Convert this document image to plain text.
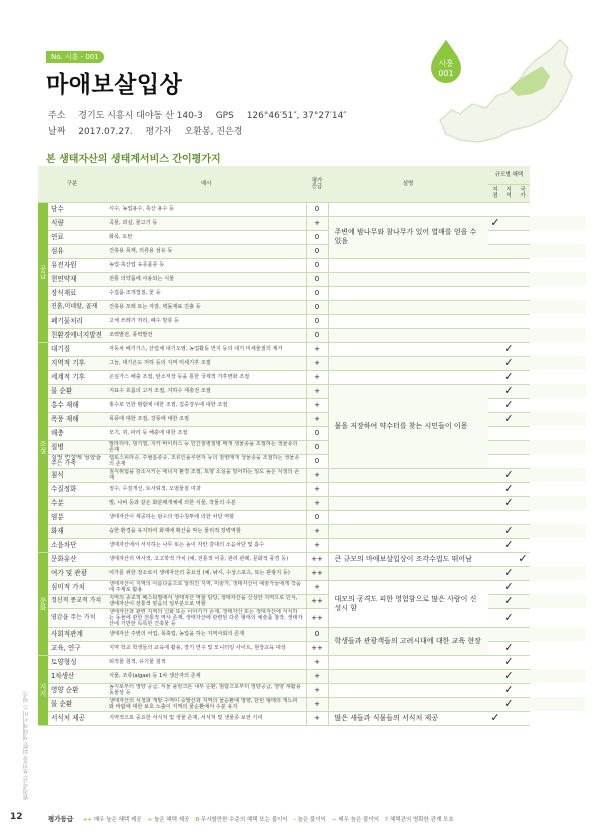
No. 시흥 - 001
마애보살입상
주소 경기도 시흥시 대야동 산 140-3 GPS 126°46′51″, 37°27′14″
날짜 2017.07.27. 평가자 오환봉, 진은경
시흥
001
본 생태자산의 생태계서비스 간이평가지
구분		예시	평가 등급	설명	규모별 혜택			
					지점	지역	국가	
공급	담수	식수, 농업용수, 축산 용수 등	0					
	식량	곡물, 과실, 물고기 등	+	주변에 밤나무와 참나무가 있어 열매를 얻을 수 있음	✓			
	연료	화목, 토탄	0					
	섬유	건축용 목재, 의류용 섬유 등	0					
	유전자원	농업·축산업 육종품종 등	0					
	천연약재	전통 의약품에 사용되는 식물	0					
	장식재료	수집품·조개껍질, 꽃 등	0					
	진흙,미네랄, 골재	건축용 모래 또는 자갈, 벽돌재료 진흙 등	0					
	폐기물처리	고체 쓰레기 처리, 폐수 방류 등	0					
	친환경에너지발전	조력발전, 풍력발전	0					
조절	대기질	자동차 배기가스, 산업체 대기오염, 농업활동 먼지 등의 대기 미세물질의 제거	+			✓		
	지역적 기후	그늘, 대기온도 저하 등의 지역 미세기후 조절	+			✓		
	세계적 기후	온실가스 배출 조절, 탄소저장 등을 통한 국제적 기후변화 조절	+			✓		
	물 순환	지표수 흐름의 고저 조절, 지하수 재충전 조절	+	물을 저장하여 약수터를 찾는 시민들이 이용		✓		
	홍수 재해	홍수로 인한 범람에 대한 조절, 집중강우에 대한 조절	+			✓		
	폭풍 재해	폭풍에 대한 조절, 강풍에 대한 조절	+			✓		
	해충	모기, 쥐, 파리 등 해충에 대한 조절	0					
	질병	말라리아, 댕기열, 지카 바이러스 등 인간질병질병 매개 생물종을 조절하는 생물종의 존재	0					
	질병 번성에 영향을 주는 가축	렙토스피라증, 주혈흡충증, 조류인플루엔자 등의 질병매개 생물종을 조절하는 생물종의 존재	0					
	침식	침식위험을 감소시키는 에너지 환경 조절, 토양 소실을 방어하는 일도 높은 식생의 존재	+			✓		
	수질정화	정수, 수질개선, 토사퇴적, 오염물질 여과	+			✓		
	수분	벌, 나비 등과 같은 화분매개체에 의한 식물, 작물의 수분	+			✓		
	염분	생태자산이 제공하는 담수의 염수침투에 의한 차단 역할	0					
	화재	습한 환경을 유지하여 화재에 확산을 막는 물리적 장벽역할	+			✓		
	소음차단	생태자산에서 서식하는 나무 또는 높이 자란 갈대의 소음차단 및 흡수	+			✓		
문화	문화유산	생태자산의 역사적, 고고학적 가치 (예, 전통적 어종, 관리 관례, 문화적 풍경 등)	++	큰 규모의 마애보살입상이 조각수법도 뛰어남			✓	
	여가 및 관광	여가를 위한 장소로서 생태자산의 중요성 (예, 낚시, 수상스포츠, 또는 관광지 등)	++			✓		
	심미적 가치	생태자산이 지역의 아름다움으로 알려진 지역, 미술가, 생태자산이 예술가들에게 작품에 주제로 활용	+	대모의 공격도 피한 영험함으로 많은 사람이 신성시 함		✓		
	정신적 종교적 가치	지역의 종교적 페스티벌에서 생태자산 역할 담당, 생태자산을 신성한 지역으로 인식, 생태자산이 전통적 믿음의 일부분으로 역할	++			✓		
	영감을 주는 가치	생태자산과 관련 지역의 신화 또는 이야기가 존재, 생태자산 또는 생태자산에 서식하는 동물에 관한 전통적 역사 존재, 생태자산에 관련된 다른 형태의 예술품 창작, 생태자산에 기반한 독특한 건축물 등	++			✓		
	사회적관계	생태자산 주변의 어업, 목축업, 농업을 하는 지역사회의 존재	0	학생들과 관광객들의 고려시대에 대한 교육 현장				
	교육, 연구	지역 학교 학생들의 교육에 활용, 장기 연구 및 모니터링 사이트, 현장교육 대상	++			✓		
지지	토양형성	퇴적물 침적, 유기물 침적	+			✓		
	1차생산	식물, 조류(algae) 등 1차 생산자의 존재	+			✓		
	영양 순환	농지로부터 영양 공급, 식물 플랑크톤 내부 순환, 범람으로부터 영양공급, 영양 재활용 동물상 등	+			✓		
	물 순환	생태자산의 식생과 개방 수역이 증발산과 지역의 물순환에 영향, 단힌 형태의 개노피와 바람에 대한 보호 노출이 지역의 물순환에서 수분 유지	+			✓		
	서식처 제공	지역적으로 중요한 서식처 및 생물 존재, 서식처 및 생물종 보전 기여	+	많은 새들과 식물들의 서식처 제공	✓			
환경자산 보전을 위한 생태계서비스 평가
12	평가등급 ++ 매우 높은 혜택 제공 + 높은 혜택 제공 0 무시할만한 수준의 혜택 또는 불이익 - 높은 불이익 -- 매우 높은 불이익 ? 혜택관의 명확한 관계 모호
